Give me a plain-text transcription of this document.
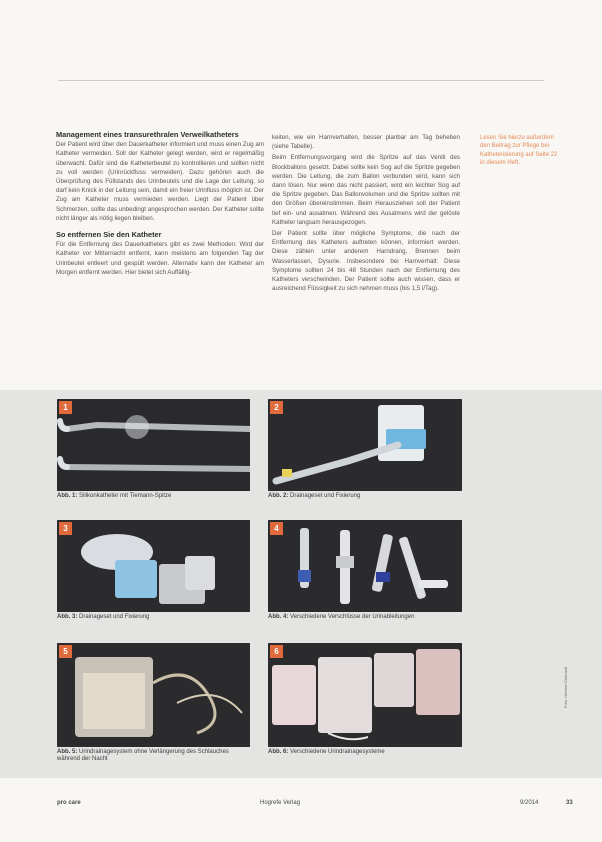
Management eines transurethralen Verweilkatheters

Der Patient wird über den Dauerkatheter informiert und muss einen Zug am Katheter vermeiden. Soll der Katheter gelegt werden, wird er regelmäßig überwacht. Dafür sind die Katheterbeutel zu kontrollieren und sollten nicht zu voll werden (Urinrückfluss vermeiden). Dazu gehören auch die Überprüfung des Füllstands des Urinbeutels und die Lage der Leitung, so darf kein Knick in der Leitung sein, damit ein freier Urinfluss möglich ist. Der Zug am Katheter muss vermieden werden. Liegt der Patient über Schmerzen, sollte das unbedingt angesprochen werden. Der Katheter sollte nicht länger als nötig liegen bleiben.

So entfernen Sie den Katheter

Für die Entfernung des Dauerkatheters gibt es zwei Methoden: Wird der Katheter vor Mitternacht entfernt, kann meistens am folgenden Tag der Urinbeutel entleert und gespült werden. Alternativ kann der Katheter am Morgen entfernt werden. Hier bietet sich Auffällig-

keiten, wie ein Harnverhalten, besser planbar am Tag beheben (siehe Tabelle).

Beim Entfernungsvorgang wird die Spritze auf das Ventil des Blockballons gesetzt. Dabei sollte kein Sog auf die Spritze gegeben werden. Die Leitung, die zum Ballon verbunden wird, kann sich dann lösen. Nur wenn das nicht passiert, wird ein leichter Sog auf die Spritze gegeben. Das Ballonvolumen und die Spritze sollten mit den Größen übereinstimmen. Beim Herausziehen soll der Patient tief ein- und ausatmen. Während des Ausatmens wird der gelöste Katheter langsam herausgezogen.

Der Patient sollte über mögliche Symptome, die nach der Entfernung des Katheters auftreten können, informiert werden. Diese zählen unter anderem Harndrang, Brennen beim Wasserlassen, Dysurie. Insbesondere bei Harnverhalt: Diese Symptome sollten 24 bis 48 Stunden nach der Entfernung des Katheters verschwinden. Der Patient sollte auch wissen, dass er ausreichend Flüssigkeit zu sich nehmen muss (bis 1,5 l/Tag).

Lesen Sie hierzu außerdem den Beitrag zur Pflege bei Katheterisierung auf Seite 22 in diesem Heft.
1
Abb. 1: Silikonkatheter mit Tiemann-Spitze
2
Abb. 2: Drainageset und Fixierung
3
Abb. 3: Drainageset und Fixierung
4
Abb. 4: Verschiedene Verschlüsse der Urinableitungen
5
Abb. 5: Urindrainagesystem ohne Verlängerung des Schlauches während der Nacht
6
Abb. 6: Verschiedene Urindrainagesysteme
Foto: Herbert Gebhardt
pro care	Hogrefe Verlag	9/2014	33
